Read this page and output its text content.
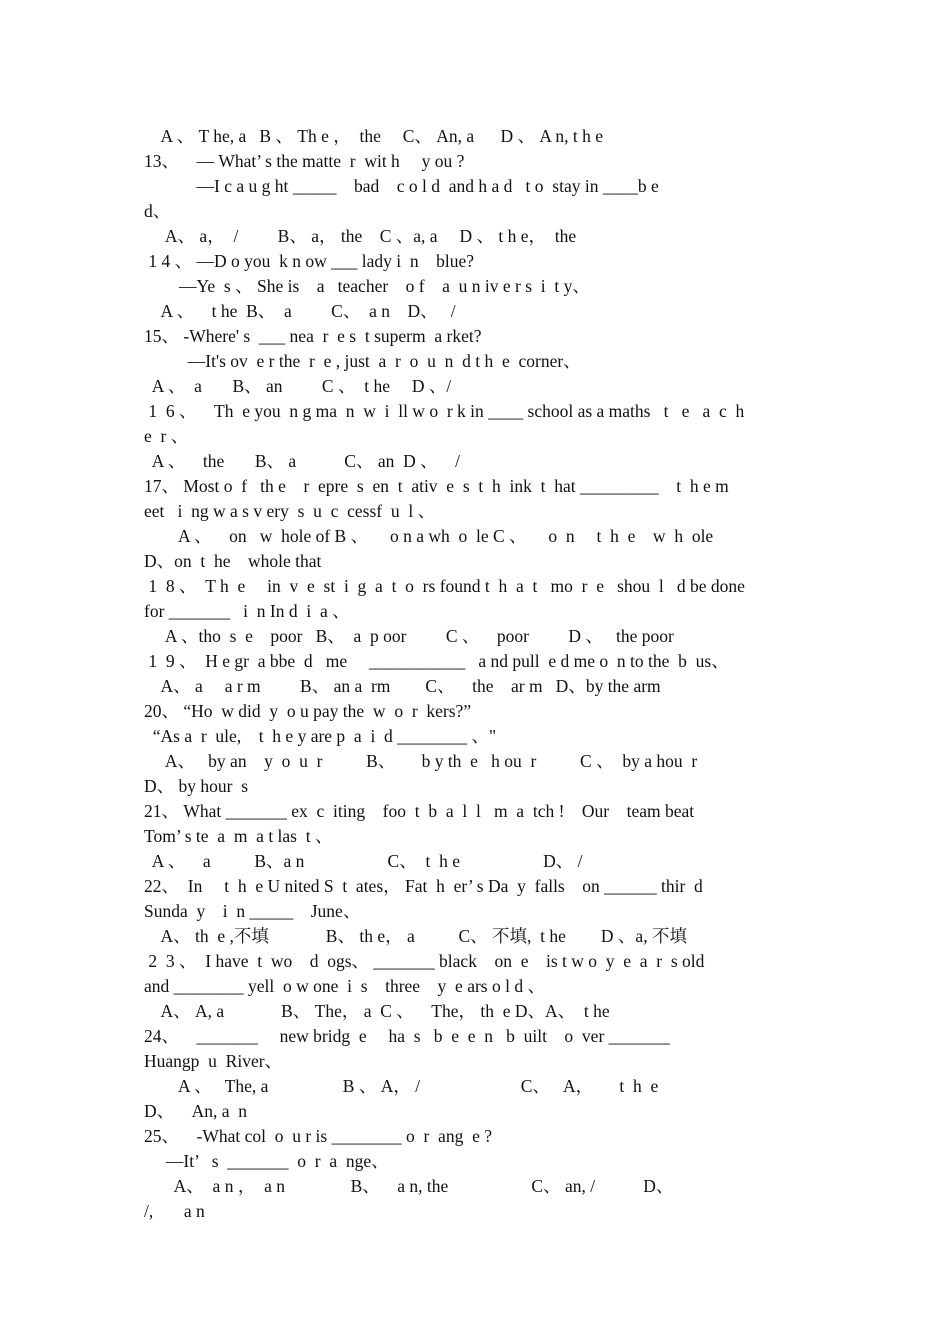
A 、 T he, a   B 、 Th e ，  the     C、 An, a      D 、 A n, t h e
13、    — What’ s the matte  r  wit h     y ou ?
—I c a u g ht _____    bad    c o l d  and h a d   t o  stay in ____b e
d、
A、 a，  /         B、 a， the    C 、a, a     D 、 t h e，  the
1 4 、 —D o you  k n ow ___ lady i  n    blue?
—Ye  s 、 She is    a   teacher    o f    a  u n iv e r s  i  t y、
A 、    t he  B、  a         C、  a n    D、   /
15、 -Where' s  ___ nea  r  e s  t superm  a rket?
—It's ov  e r the  r  e , just  a  r  o  u  n  d t h  e  corner、
A 、  a       B、 an         C 、  t he     D 、/
1  6 、    Th  e you  n g ma  n  w  i  ll w o  r k in ____ school as a maths   t   e   a  c  h
e  r 、
A 、    the       B、 a           C、 an  D 、    /
17、 Most o  f   th e    r  epre  s  en  t  ativ  e  s  t  h  ink  t  hat _________    t  h e m
eet   i  ng w a s v ery  s  u  c  cessf  u  l 、
A 、    on   w  hole of B 、     o n a wh  o  le C 、     o  n     t  h  e    w  h  ole
D、on  t  he    whole that
1  8 、  T h  e     in  v  e  st  i  g  a  t  o  rs found t  h  a  t   mo  r  e   shou  l   d be done
for _______   i  n In d  i  a 、
A 、tho  s  e    poor   B、  a  p oor         C 、    poor         D 、   the poor
1  9 、  H e gr  a bbe  d   me     ___________   a nd pull  e d me o  n to the  b  us、
A、 a     a r m         B、 an a  rm        C、    the    ar m   D、by the arm
20、 “Ho  w did  y  o u pay the  w  o  r  kers?”
“As a  r  ule,    t  h e y are p  a  i  d ________ 、"
A、   by an    y  o  u  r          B、      b y th  e   h ou  r          C 、  by a hou  r
D、 by hour  s
21、 What _______ ex  c  iting    foo  t  b  a  l  l   m  a  tch !    Our    team beat
Tom’ s te  a  m  a t las  t 、
A 、    a          B、a n                   C、  t  h e                   D、 /
22、  In     t  h  e U nited S  t  ates， Fat  h  er’ s Da  y  falls    on ______ thir  d
Sunda  y    i  n _____    June、
A、 th  e ,不填             B、 th e， a          C、 不填,  t he        D 、a, 不填
2  3 、  I have  t  wo    d  ogs、 _______ black    on  e    is t w o  y  e  a  r  s old
and ________ yell  o w one  i  s    three    y  e ars o l d 、
A、 A, a             B、 The， a  C 、    The， th  e D、A、  t he
24、    _______     new bridg  e     ha  s   b  e  e  n   b  uilt    o  ver _______
Huangp  u  River、
A 、   The, a                 B 、 A， /                       C、   A，      t  h  e
D、    An, a  n
25、    -What col  o  u r is ________ o  r  ang  e ?
—It’   s  _______  o  r  a  nge、
A、  a n ，  a n               B、    a n, the                   C、 an, /           D、
/,       a n
